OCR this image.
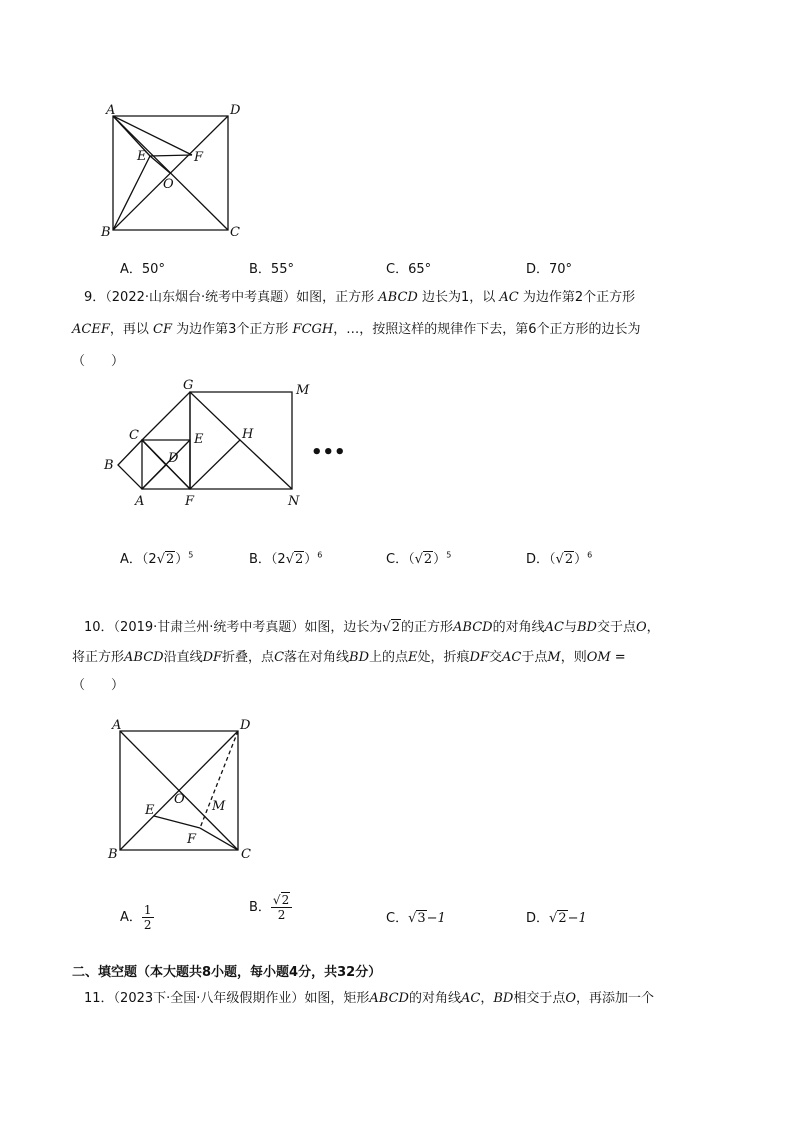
A	D
E	F
O
B	C
A．50°	B．55°	C．65°	D．70°
9．（2022·山东烟台·统考中考真题）如图，正方形 ABCD 边长为1，以 AC 为边作第2个正方形
ACEF，再以 CF 为边作第3个正方形 FCGH，…，按照这样的规律作下去，第6个正方形的边长为
（　　）
G	M
C	E	H
B	D
A	F	N
•••
A．$(2√2)^5$	B．$(2√2)^6$	C．$(√2)^5$	D．$(√2)^6$
10．（2019·甘肃兰州·统考中考真题）如图，边长为√2的正方形ABCD的对角线AC与BD交于点O，
将正方形ABCD沿直线DF折叠，点C落在对角线BD上的点E处，折痕DF交AC于点M，则OM =
（　　）
A	D
O
E	M
F
B	C
A． $\frac{1}{2}$	B． $\frac{√2}{2}$	C．√3−1	D．√2−1
二、填空题（本大题共8小题，每小题4分，共32分）
11．（2023下·全国·八年级假期作业）如图，矩形ABCD的对角线AC，BD相交于点O，再添加一个
